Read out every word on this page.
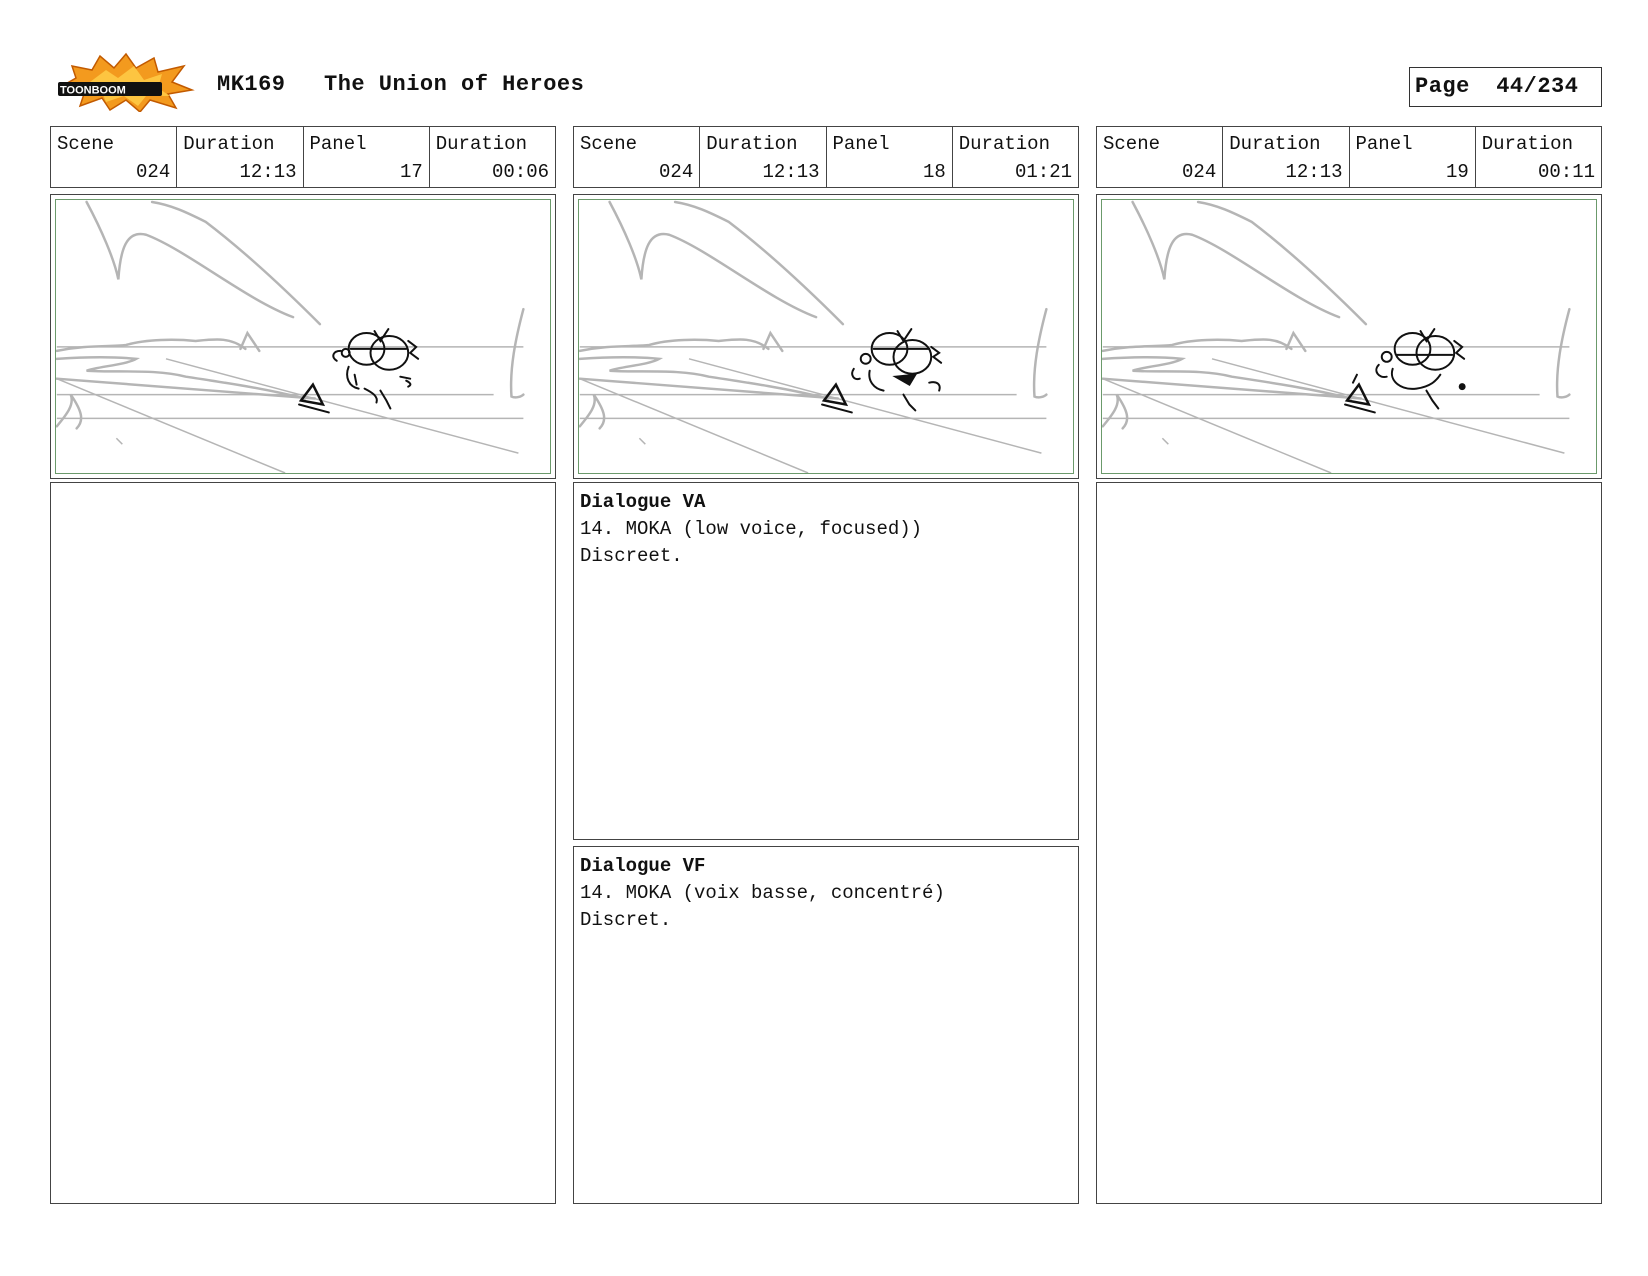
TOONBOOM	MK169 The Union of Heroes	Page 44/234
Scene
024
Duration
12:13
Panel
17
Duration
00:06
Scene
024
Duration
12:13
Panel
18
Duration
01:21
Dialogue VA
14. MOKA (low voice, focused))
Discreet.
Dialogue VF
14. MOKA (voix basse, concentré)
Discret.
Scene
024
Duration
12:13
Panel
19
Duration
00:11
